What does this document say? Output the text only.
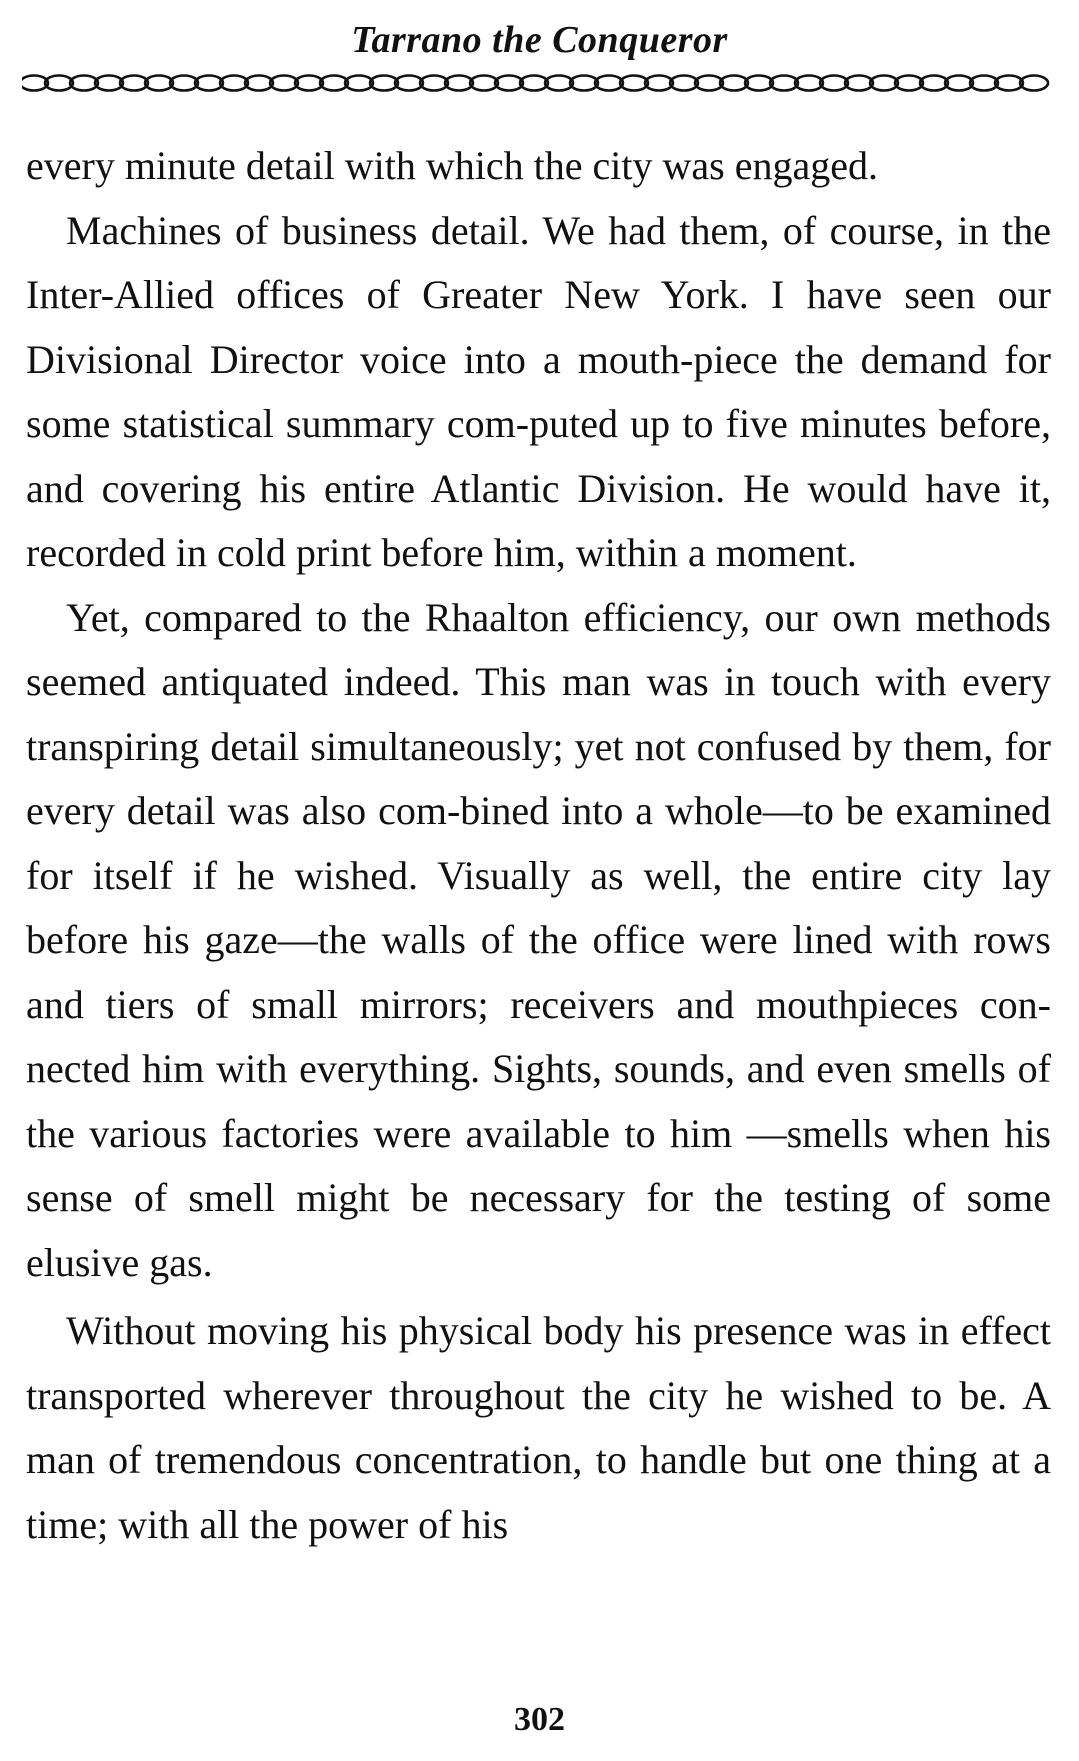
Tarrano the Conqueror

every minute detail with which the city was engaged.

Machines of business detail. We had them, of course, in the Inter-Allied offices of Greater New York. I have seen our Divisional Director voice into a mouth-piece the demand for some statistical summary com-puted up to five minutes before, and covering his entire Atlantic Division. He would have it, recorded in cold print before him, within a moment.

Yet, compared to the Rhaalton efficiency, our own methods seemed antiquated indeed. This man was in touch with every transpiring detail simultaneously; yet not confused by them, for every detail was also com-bined into a whole—to be examined for itself if he wished. Visually as well, the entire city lay before his gaze—the walls of the office were lined with rows and tiers of small mirrors; receivers and mouthpieces con-nected him with everything. Sights, sounds, and even smells of the various factories were available to him —smells when his sense of smell might be necessary for the testing of some elusive gas.

Without moving his physical body his presence was in effect transported wherever throughout the city he wished to be. A man of tremendous concentration, to handle but one thing at a time; with all the power of his

302
